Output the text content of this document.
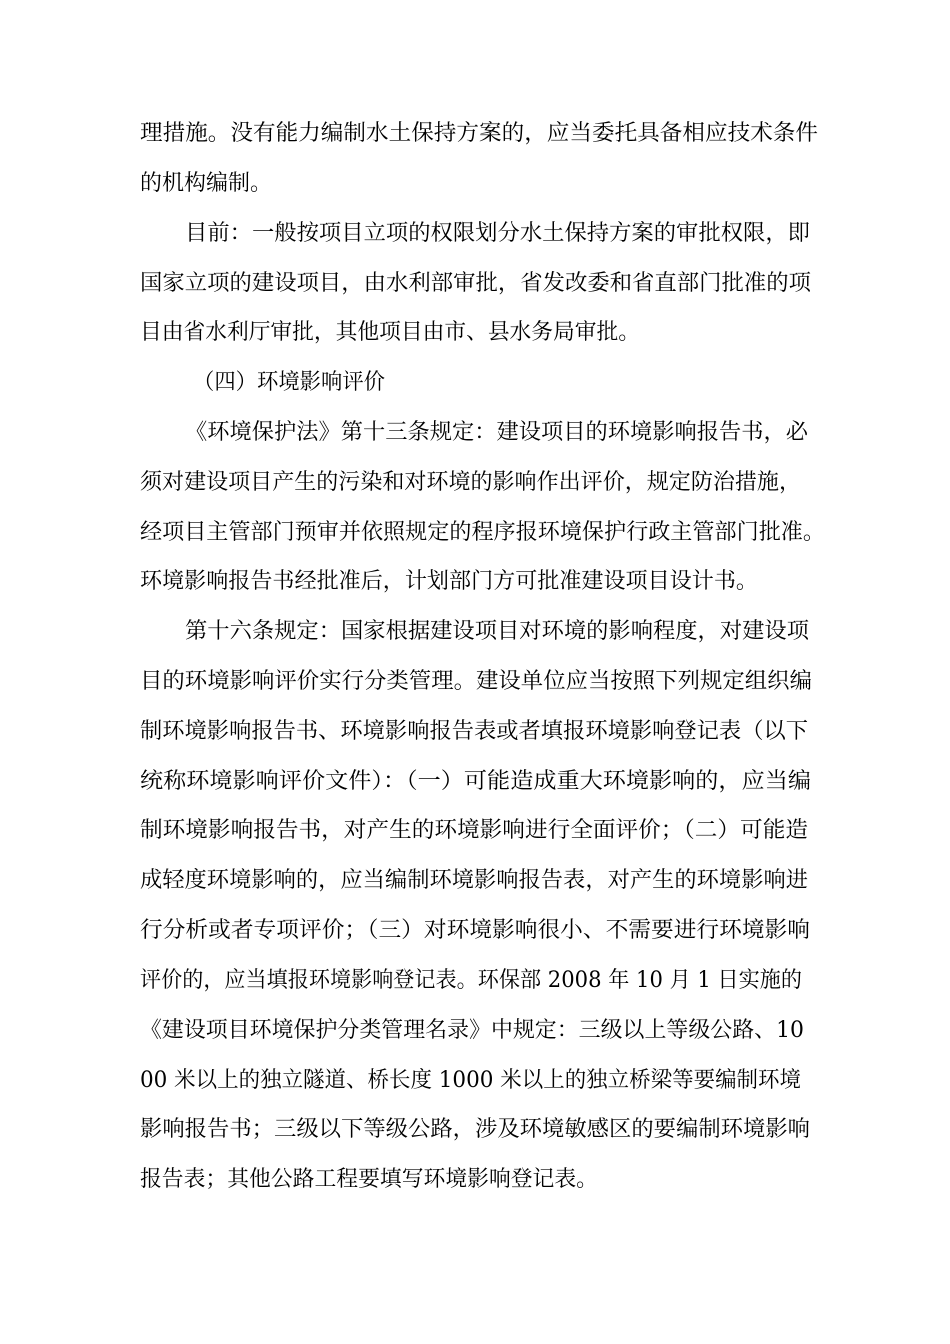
理措施。没有能力编制水土保持方案的，应当委托具备相应技术条件

的机构编制。

目前：一般按项目立项的权限划分水土保持方案的审批权限，即

国家立项的建设项目，由水利部审批，省发改委和省直部门批准的项

目由省水利厅审批，其他项目由市、县水务局审批。

（四）环境影响评价

《环境保护法》第十三条规定：建设项目的环境影响报告书，必

须对建设项目产生的污染和对环境的影响作出评价，规定防治措施，

经项目主管部门预审并依照规定的程序报环境保护行政主管部门批准。

环境影响报告书经批准后，计划部门方可批准建设项目设计书。

第十六条规定：国家根据建设项目对环境的影响程度，对建设项

目的环境影响评价实行分类管理。建设单位应当按照下列规定组织编

制环境影响报告书、环境影响报告表或者填报环境影响登记表（以下

统称环境影响评价文件）：（一）可能造成重大环境影响的，应当编

制环境影响报告书，对产生的环境影响进行全面评价；（二）可能造

成轻度环境影响的，应当编制环境影响报告表，对产生的环境影响进

行分析或者专项评价；（三）对环境影响很小、不需要进行环境影响

评价的，应当填报环境影响登记表。环保部 2008 年 10 月 1 日实施的

《建设项目环境保护分类管理名录》中规定：三级以上等级公路、10

00 米以上的独立隧道、桥长度 1000 米以上的独立桥梁等要编制环境

影响报告书；三级以下等级公路，涉及环境敏感区的要编制环境影响

报告表；其他公路工程要填写环境影响登记表。
